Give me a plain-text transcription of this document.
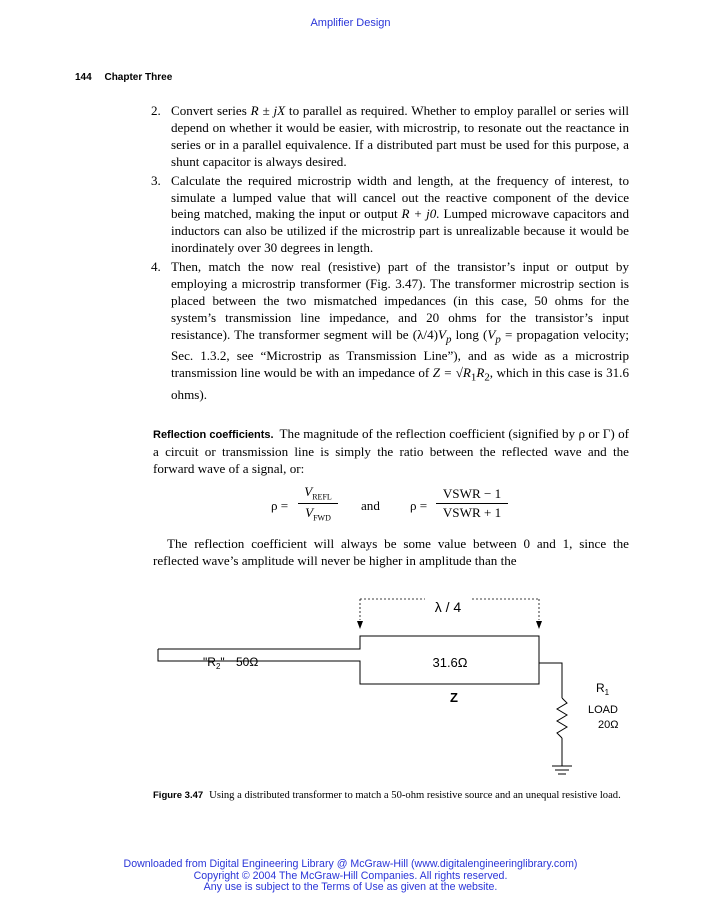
Amplifier Design
144 Chapter Three
2. Convert series R ± jX to parallel as required. Whether to employ parallel or series will depend on whether it would be easier, with microstrip, to resonate out the reactance in series or in a parallel equivalence. If a distributed part must be used for this purpose, a shunt capacitor is always desired.
3. Calculate the required microstrip width and length, at the frequency of interest, to simulate a lumped value that will cancel out the reactive component of the device being matched, making the input or output R + j0. Lumped microwave capacitors and inductors can also be utilized if the microstrip part is unrealizable because it would be inordinately over 30 degrees in length.
4. Then, match the now real (resistive) part of the transistor’s input or output by employing a microstrip transformer (Fig. 3.47). The transformer microstrip section is placed between the two mismatched impedances (in this case, 50 ohms for the system’s transmission line impedance, and 20 ohms for the transistor’s input resistance). The transformer segment will be $(\lambda/4)V_p$ long ($V_p$ = propagation velocity; Sec. 1.3.2, see “Microstrip as Transmission Line”), and as wide as a microstrip transmission line would be with an impedance of $Z = √R_1R_2$, which in this case is 31.6 ohms).
Reflection coefficients. The magnitude of the reflection coefficient (signified by ρ or Γ) of a circuit or transmission line is simply the ratio between the reflected wave and the forward wave of a signal, or:
ρ =
$V_{REFL}$
$V_{FWD}$
and ρ =
VSWR − 1
VSWR + 1
The reflection coefficient will always be some value between 0 and 1, since the reflected wave’s amplitude will never be higher in amplitude than the
λ / 4
"$R_2$" 50Ω	31.6Ω
Z
$R_1$
LOAD
20Ω
Figure 3.47 Using a distributed transformer to match a 50-ohm resistive source and an unequal resistive load.
Downloaded from Digital Engineering Library @ McGraw-Hill (www.digitalengineeringlibrary.com)
Copyright © 2004 The McGraw-Hill Companies. All rights reserved.
Any use is subject to the Terms of Use as given at the website.
